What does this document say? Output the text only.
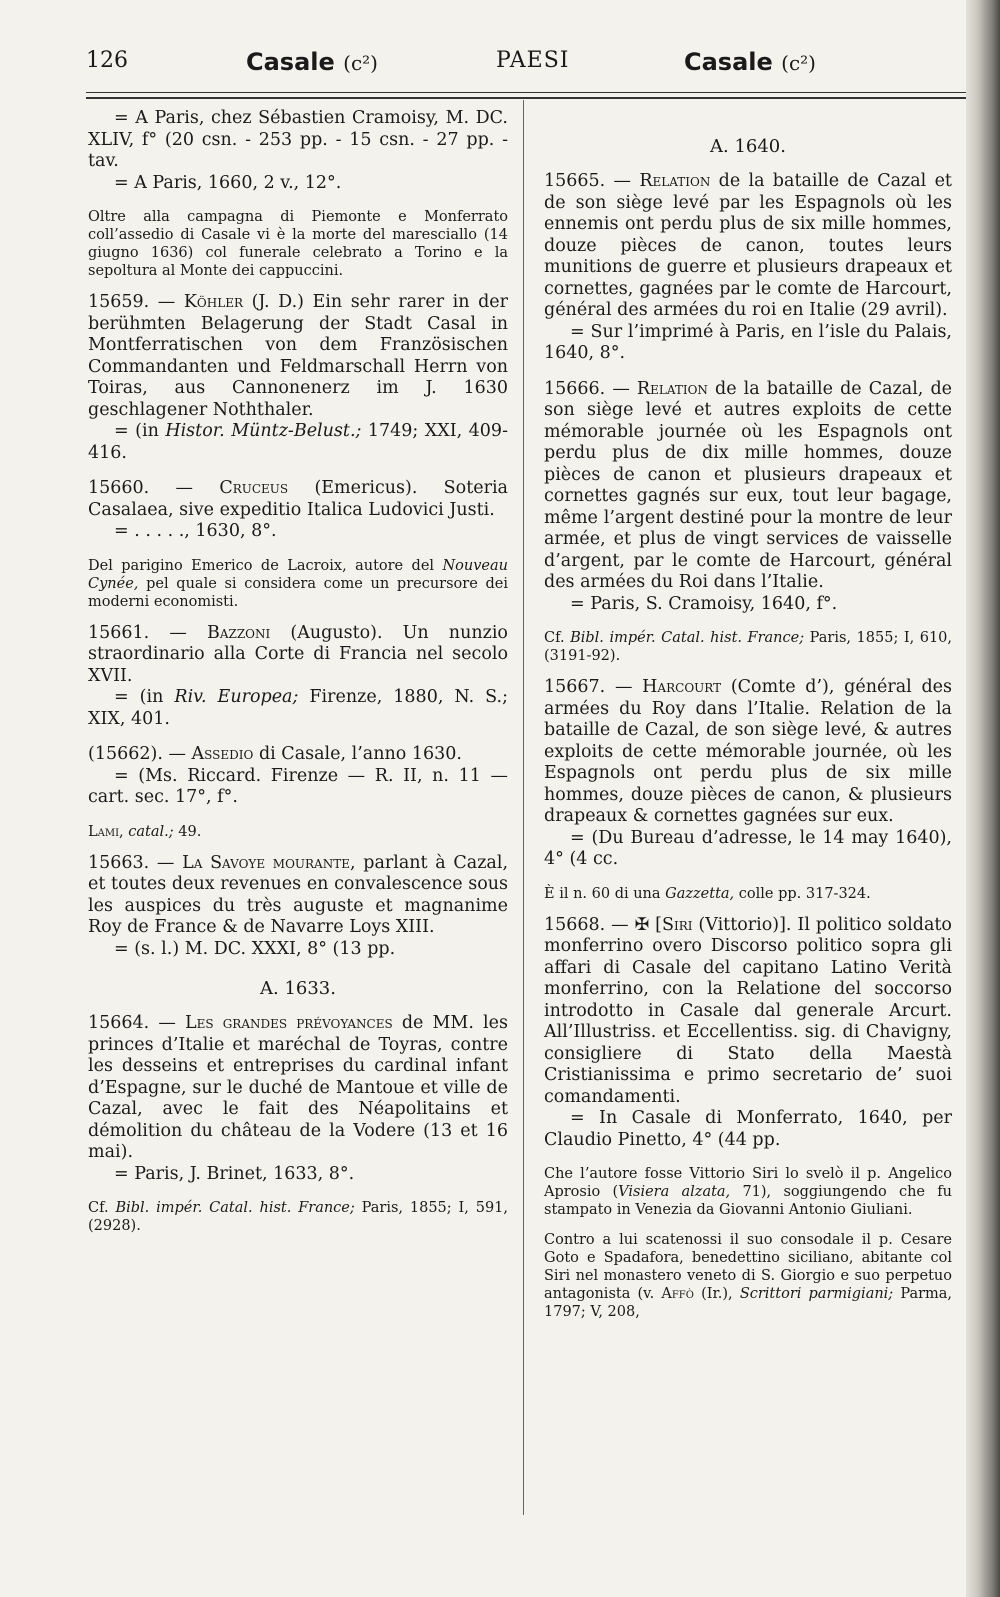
126	Casale (c²)	PAESI	Casale (c²)

= A Paris, chez Sébastien Cramoisy, M. DC. XLIV, f° (20 csn. - 253 pp. - 15 csn. - 27 pp. - tav.

= A Paris, 1660, 2 v., 12°.

Oltre alla campagna di Piemonte e Monferrato coll’assedio di Casale vi è la morte del maresciallo (14 giugno 1636) col funerale celebrato a Torino e la sepoltura al Monte dei cappuccini.

15659. — Köhler (J. D.) Ein sehr rarer in der berühmten Belagerung der Stadt Casal in Montferratischen von dem Französischen Commandanten und Feldmarschall Herrn von Toiras, aus Cannonenerz im J. 1630 geschlagener Noththaler.

= (in Histor. Müntz-Belust.; 1749; XXI, 409-416.

15660. — Cruceus (Emericus). Soteria Casalaea, sive expeditio Italica Ludovici Justi.

= . . . . ., 1630, 8°.

Del parigino Emerico de Lacroix, autore del Nouveau Cynée, pel quale si considera come un precursore dei moderni economisti.

15661. — Bazzoni (Augusto). Un nunzio straordinario alla Corte di Francia nel secolo XVII.

= (in Riv. Europea; Firenze, 1880, N. S.; XIX, 401.

(15662). — Assedio di Casale, l’anno 1630.

= (Ms. Riccard. Firenze — R. II, n. 11 — cart. sec. 17°, f°.

Lami, catal.; 49.

15663. — La Savoye mourante, parlant à Cazal, et toutes deux revenues en convalescence sous les auspices du très auguste et magnanime Roy de France & de Navarre Loys XIII.

= (s. l.) M. DC. XXXI, 8° (13 pp.

A. 1633.

15664. — Les grandes prévoyances de MM. les princes d’Italie et maréchal de Toyras, contre les desseins et entreprises du cardinal infant d’Espagne, sur le duché de Mantoue et ville de Cazal, avec le fait des Néapolitains et démolition du château de la Vodere (13 et 16 mai).

= Paris, J. Brinet, 1633, 8°.

Cf. Bibl. impér. Catal. hist. France; Paris, 1855; I, 591, (2928).
A. 1640.

15665. — Relation de la bataille de Cazal et de son siège levé par les Espagnols où les ennemis ont perdu plus de six mille hommes, douze pièces de canon, toutes leurs munitions de guerre et plusieurs drapeaux et cornettes, gagnées par le comte de Harcourt, général des armées du roi en Italie (29 avril).

= Sur l’imprimé à Paris, en l’isle du Palais, 1640, 8°.

15666. — Relation de la bataille de Cazal, de son siège levé et autres exploits de cette mémorable journée où les Espagnols ont perdu plus de dix mille hommes, douze pièces de canon et plusieurs drapeaux et cornettes gagnés sur eux, tout leur bagage, même l’argent destiné pour la montre de leur armée, et plus de vingt services de vaisselle d’argent, par le comte de Harcourt, général des armées du Roi dans l’Italie.

= Paris, S. Cramoisy, 1640, f°.

Cf. Bibl. impér. Catal. hist. France; Paris, 1855; I, 610, (3191-92).

15667. — Harcourt (Comte d’), général des armées du Roy dans l’Italie. Relation de la bataille de Cazal, de son siège levé, & autres exploits de cette mémorable journée, où les Espagnols ont perdu plus de six mille hommes, douze pièces de canon, & plusieurs drapeaux & cornettes gagnées sur eux.

= (Du Bureau d’adresse, le 14 may 1640), 4° (4 cc.

È il n. 60 di una Gazzetta, colle pp. 317-324.

15668. — ✠ [Siri (Vittorio)]. Il politico soldato monferrino overo Discorso politico sopra gli affari di Casale del capitano Latino Verità monferrino, con la Relatione del soccorso introdotto in Casale dal generale Arcurt. All’Illustriss. et Eccellentiss. sig. di Chavigny, consigliere di Stato della Maestà Cristianissima e primo secretario de’ suoi comandamenti.

= In Casale di Monferrato, 1640, per Claudio Pinetto, 4° (44 pp.

Che l’autore fosse Vittorio Siri lo svelò il p. Angelico Aprosio (Visiera alzata, 71), soggiungendo che fu stampato in Venezia da Giovanni Antonio Giuliani.
Contro a lui scatenossi il suo consodale il p. Cesare Goto e Spadafora, benedettino siciliano, abitante col Siri nel monastero veneto di S. Giorgio e suo perpetuo antagonista (v. Affò (Ir.), Scrittori parmigiani; Parma, 1797; V, 208,
